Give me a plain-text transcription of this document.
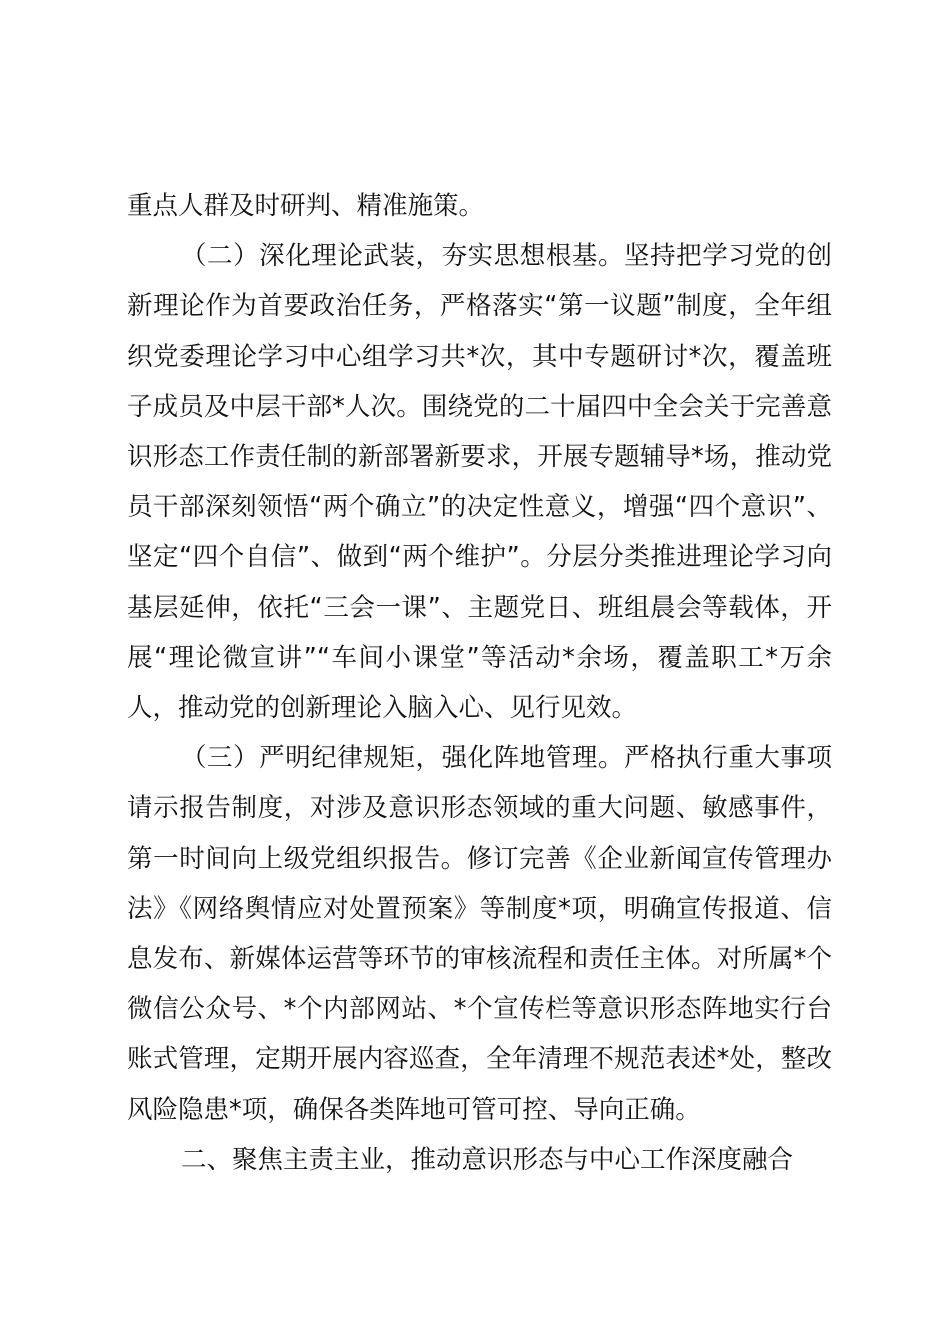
重点人群及时研判、精准施策。

（二）深化理论武装，夯实思想根基。坚持把学习党的创新理论作为首要政治任务，严格落实“第一议题”制度，全年组织党委理论学习中心组学习共*次，其中专题研讨*次，覆盖班子成员及中层干部*人次。围绕党的二十届四中全会关于完善意识形态工作责任制的新部署新要求，开展专题辅导*场，推动党员干部深刻领悟“两个确立”的决定性意义，增强“四个意识”、坚定“四个自信”、做到“两个维护”。分层分类推进理论学习向基层延伸，依托“三会一课”、主题党日、班组晨会等载体，开展“理论微宣讲”“车间小课堂”等活动*余场，覆盖职工*万余人，推动党的创新理论入脑入心、见行见效。

（三）严明纪律规矩，强化阵地管理。严格执行重大事项请示报告制度，对涉及意识形态领域的重大问题、敏感事件，第一时间向上级党组织报告。修订完善《企业新闻宣传管理办法》《网络舆情应对处置预案》等制度*项，明确宣传报道、信息发布、新媒体运营等环节的审核流程和责任主体。对所属*个微信公众号、*个内部网站、*个宣传栏等意识形态阵地实行台账式管理，定期开展内容巡查，全年清理不规范表述*处，整改风险隐患*项，确保各类阵地可管可控、导向正确。

二、聚焦主责主业，推动意识形态与中心工作深度融合
